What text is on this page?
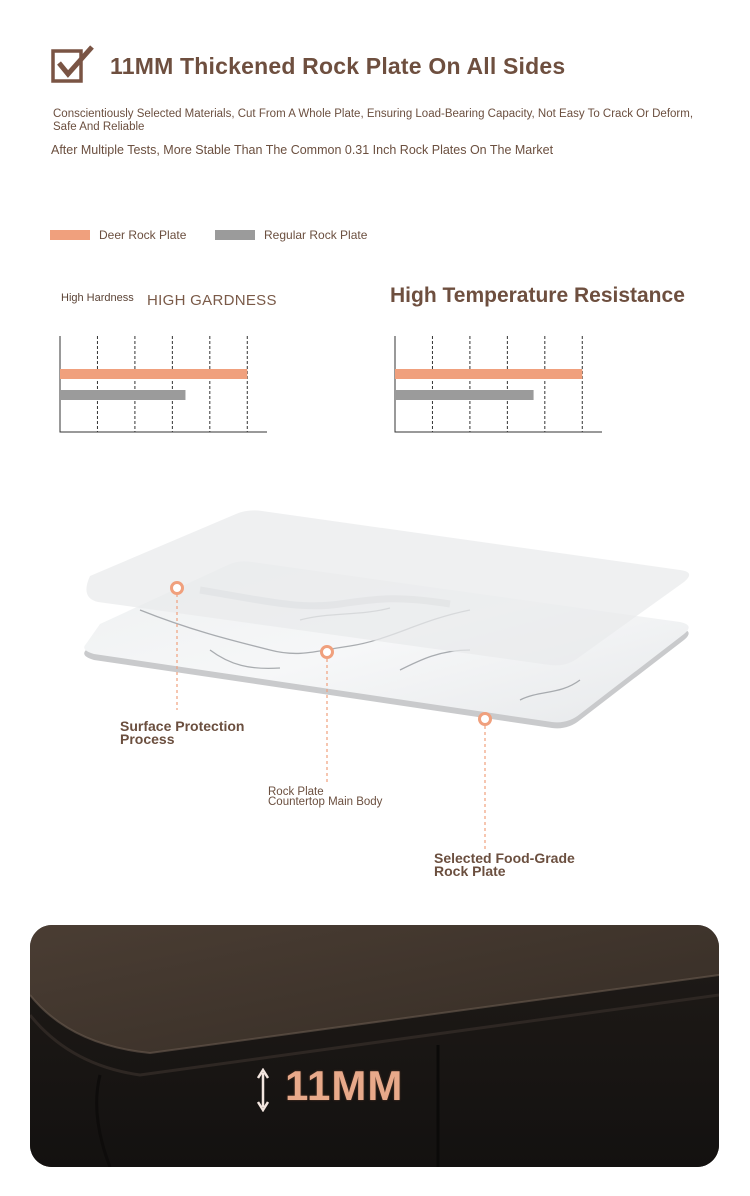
11MM Thickened Rock Plate On All Sides
Conscientiously Selected Materials, Cut From A Whole Plate, Ensuring Load-Bearing Capacity, Not Easy To Crack Or Deform, Safe And Reliable
After Multiple Tests, More Stable Than The Common 0.31 Inch Rock Plates On The Market
Deer Rock Plate	Regular Rock Plate
High Hardness HIGH GARDNESS	High Temperature Resistance
Surface Protection
Process
Rock Plate
Countertop Main Body
Selected Food-Grade
Rock Plate
11MM
